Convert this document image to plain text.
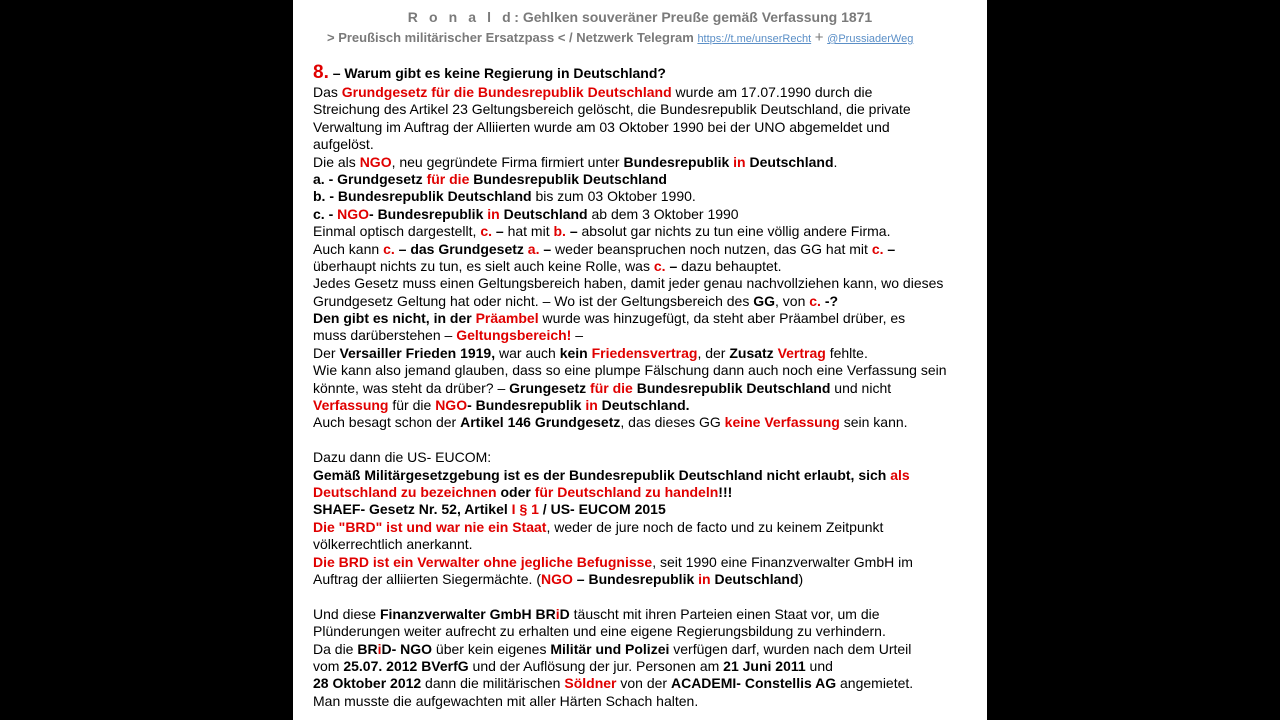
R o n a l d: Gehlken souveräner Preuße gemäß Verfassung 1871
> Preußisch militärischer Ersatzpass < / Netzwerk Telegram https://t.me/unserRecht + @PrussiaderWeg
8. – Warum gibt es keine Regierung in Deutschland?
Das Grundgesetz für die Bundesrepublik Deutschland wurde am 17.07.1990 durch die
Streichung des Artikel 23 Geltungsbereich gelöscht, die Bundesrepublik Deutschland, die private
Verwaltung im Auftrag der Alliierten wurde am 03 Oktober 1990 bei der UNO abgemeldet und
aufgelöst.
Die als NGO, neu gegründete Firma firmiert unter Bundesrepublik in Deutschland.
a. - Grundgesetz für die Bundesrepublik Deutschland
b. - Bundesrepublik Deutschland bis zum 03 Oktober 1990.
c. - NGO- Bundesrepublik in Deutschland ab dem 3 Oktober 1990
Einmal optisch dargestellt, c. – hat mit b. – absolut gar nichts zu tun eine völlig andere Firma.
Auch kann c. – das Grundgesetz a. – weder beanspruchen noch nutzen, das GG hat mit c. –
überhaupt nichts zu tun, es sielt auch keine Rolle, was c. – dazu behauptet.
Jedes Gesetz muss einen Geltungsbereich haben, damit jeder genau nachvollziehen kann, wo dieses
Grundgesetz Geltung hat oder nicht. – Wo ist der Geltungsbereich des GG, von c. -?
Den gibt es nicht, in der Präambel wurde was hinzugefügt, da steht aber Präambel drüber, es
muss darüberstehen – Geltungsbereich! –
Der Versailler Frieden 1919, war auch kein Friedensvertrag, der Zusatz Vertrag fehlte.
Wie kann also jemand glauben, dass so eine plumpe Fälschung dann auch noch eine Verfassung sein
könnte, was steht da drüber? – Grungesetz für die Bundesrepublik Deutschland und nicht
Verfassung für die NGO- Bundesrepublik in Deutschland.
Auch besagt schon der Artikel 146 Grundgesetz, das dieses GG keine Verfassung sein kann.
Dazu dann die US- EUCOM:
Gemäß Militärgesetzgebung ist es der Bundesrepublik Deutschland nicht erlaubt, sich als
Deutschland zu bezeichnen oder für Deutschland zu handeln!!!
SHAEF- Gesetz Nr. 52, Artikel I § 1 / US- EUCOM 2015
Die "BRD" ist und war nie ein Staat, weder de jure noch de facto und zu keinem Zeitpunkt
völkerrechtlich anerkannt.
Die BRD ist ein Verwalter ohne jegliche Befugnisse, seit 1990 eine Finanzverwalter GmbH im
Auftrag der alliierten Siegermächte. (NGO – Bundesrepublik in Deutschland)
Und diese Finanzverwalter GmbH BRiD täuscht mit ihren Parteien einen Staat vor, um die
Plünderungen weiter aufrecht zu erhalten und eine eigene Regierungsbildung zu verhindern.
Da die BRiD- NGO über kein eigenes Militär und Polizei verfügen darf, wurden nach dem Urteil
vom 25.07. 2012 BVerfG und der Auflösung der jur. Personen am 21 Juni 2011 und
28 Oktober 2012 dann die militärischen Söldner von der ACADEMI- Constellis AG angemietet.
Man musste die aufgewachten mit aller Härten Schach halten.
